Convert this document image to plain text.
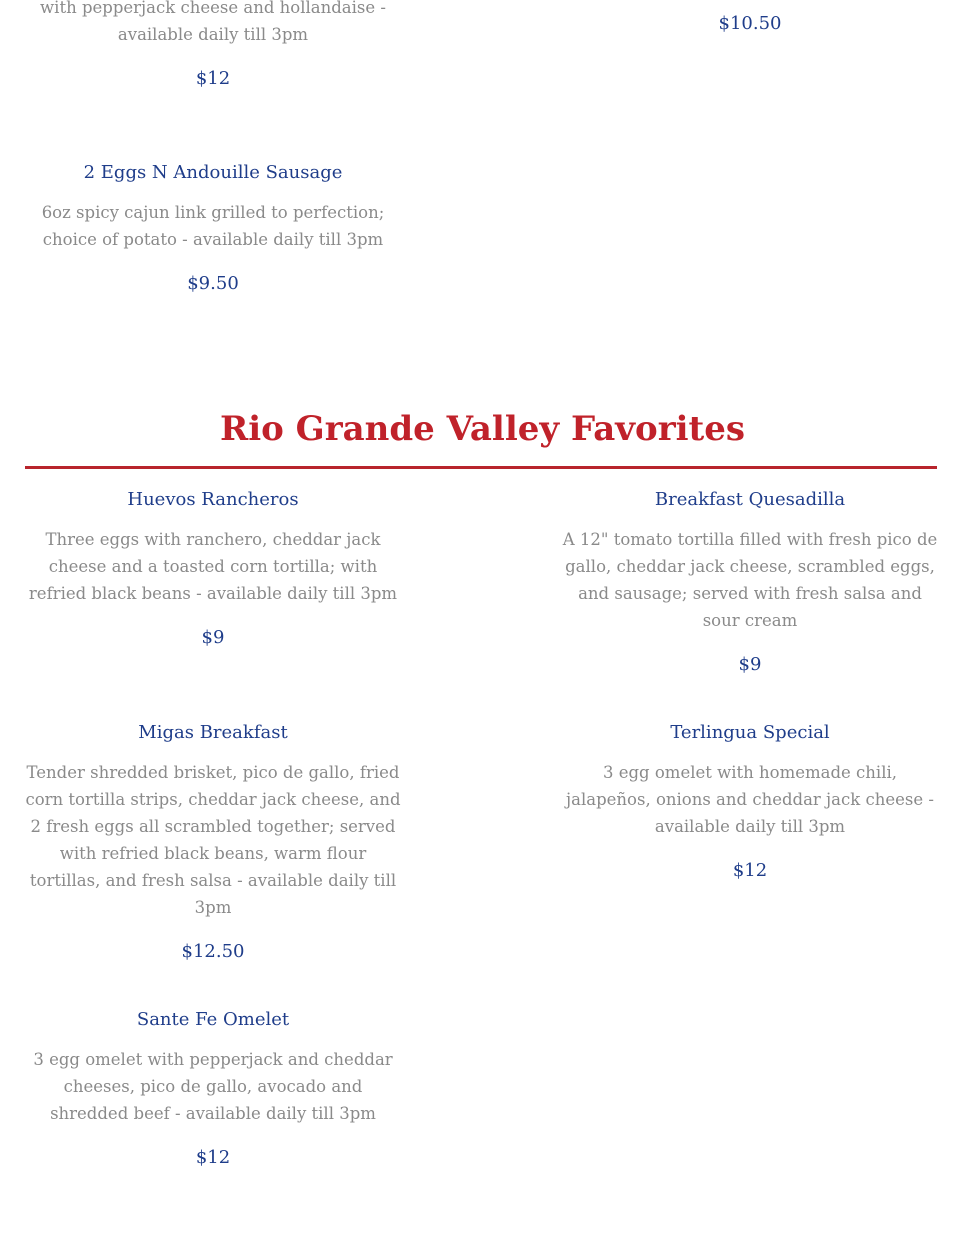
with pepperjack cheese and hollandaise - available daily till 3pm

$12

$10.50

2 Eggs N Andouille Sausage

6oz spicy cajun link grilled to perfection; choice of potato - available daily till 3pm

$9.50

Rio Grande Valley Favorites
Huevos Rancheros

Three eggs with ranchero, cheddar jack cheese and a toasted corn tortilla; with refried black beans - available daily till 3pm

$9

Breakfast Quesadilla

A 12" tomato tortilla filled with fresh pico de gallo, cheddar jack cheese, scrambled eggs, and sausage; served with fresh salsa and sour cream

$9

Migas Breakfast

Tender shredded brisket, pico de gallo, fried corn tortilla strips, cheddar jack cheese, and 2 fresh eggs all scrambled together; served with refried black beans, warm flour tortillas, and fresh salsa - available daily till 3pm

$12.50

Terlingua Special

3 egg omelet with homemade chili, jalapeños, onions and cheddar jack cheese - available daily till 3pm

$12

Sante Fe Omelet

3 egg omelet with pepperjack and cheddar cheeses, pico de gallo, avocado and shredded beef - available daily till 3pm

$12
